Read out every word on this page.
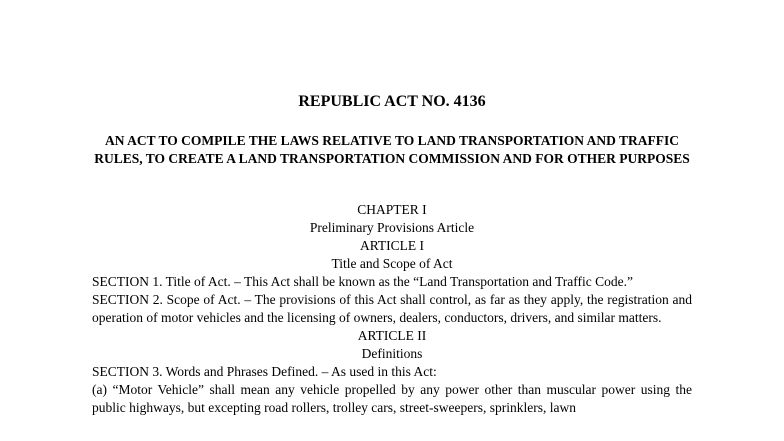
REPUBLIC ACT NO. 4136
AN ACT TO COMPILE THE LAWS RELATIVE TO LAND TRANSPORTATION AND TRAFFIC RULES, TO CREATE A LAND TRANSPORTATION COMMISSION AND FOR OTHER PURPOSES

CHAPTER I

Preliminary Provisions Article

ARTICLE I

Title and Scope of Act

SECTION 1. Title of Act. – This Act shall be known as the “Land Transportation and Traffic Code.”

SECTION 2. Scope of Act. – The provisions of this Act shall control, as far as they apply, the registration and operation of motor vehicles and the licensing of owners, dealers, conductors, drivers, and similar matters.

ARTICLE II

Definitions

SECTION 3. Words and Phrases Defined. – As used in this Act:

(a) “Motor Vehicle” shall mean any vehicle propelled by any power other than muscular power using the public highways, but excepting road rollers, trolley cars, street-sweepers, sprinklers, lawn
